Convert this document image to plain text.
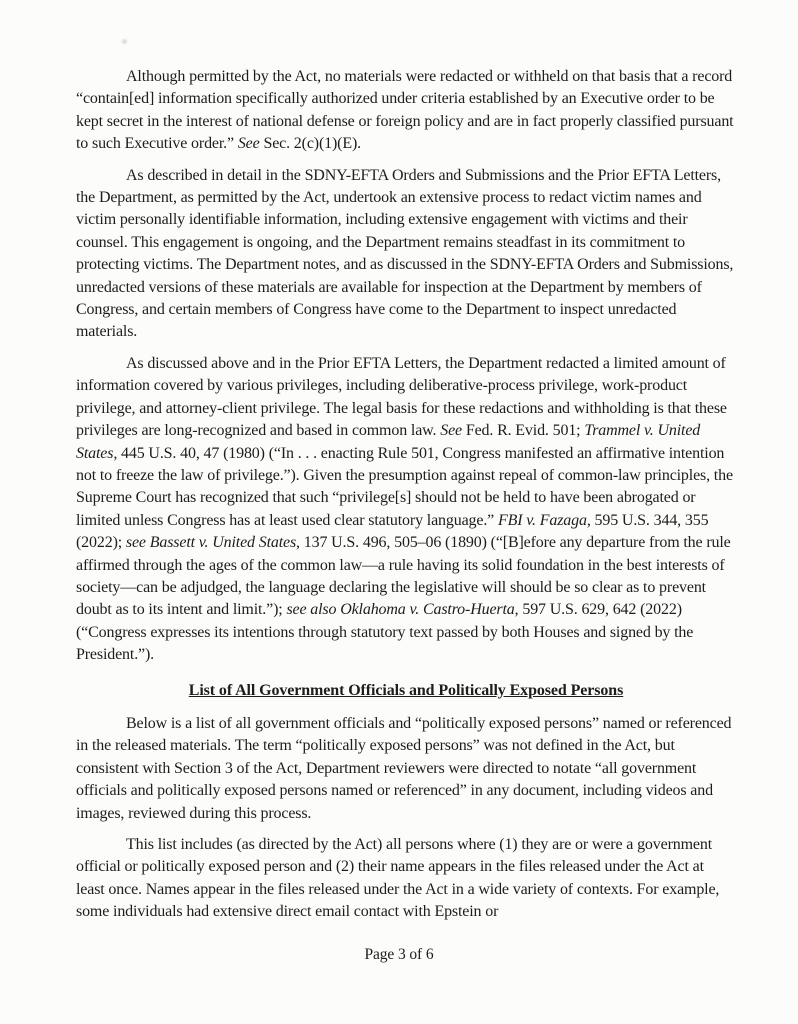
Although permitted by the Act, no materials were redacted or withheld on that basis that a record “contain[ed] information specifically authorized under criteria established by an Executive order to be kept secret in the interest of national defense or foreign policy and are in fact properly classified pursuant to such Executive order.” See Sec. 2(c)(1)(E).

As described in detail in the SDNY-EFTA Orders and Submissions and the Prior EFTA Letters, the Department, as permitted by the Act, undertook an extensive process to redact victim names and victim personally identifiable information, including extensive engagement with victims and their counsel. This engagement is ongoing, and the Department remains steadfast in its commitment to protecting victims. The Department notes, and as discussed in the SDNY-EFTA Orders and Submissions, unredacted versions of these materials are available for inspection at the Department by members of Congress, and certain members of Congress have come to the Department to inspect unredacted materials.

As discussed above and in the Prior EFTA Letters, the Department redacted a limited amount of information covered by various privileges, including deliberative-process privilege, work-product privilege, and attorney-client privilege. The legal basis for these redactions and withholding is that these privileges are long-recognized and based in common law. See Fed. R. Evid. 501; Trammel v. United States, 445 U.S. 40, 47 (1980) (“In . . . enacting Rule 501, Congress manifested an affirmative intention not to freeze the law of privilege.”). Given the presumption against repeal of common-law principles, the Supreme Court has recognized that such “privilege[s] should not be held to have been abrogated or limited unless Congress has at least used clear statutory language.” FBI v. Fazaga, 595 U.S. 344, 355 (2022); see Bassett v. United States, 137 U.S. 496, 505–06 (1890) (“[B]efore any departure from the rule affirmed through the ages of the common law—a rule having its solid foundation in the best interests of society—can be adjudged, the language declaring the legislative will should be so clear as to prevent doubt as to its intent and limit.”); see also Oklahoma v. Castro-Huerta, 597 U.S. 629, 642 (2022) (“Congress expresses its intentions through statutory text passed by both Houses and signed by the President.”).

List of All Government Officials and Politically Exposed Persons

Below is a list of all government officials and “politically exposed persons” named or referenced in the released materials. The term “politically exposed persons” was not defined in the Act, but consistent with Section 3 of the Act, Department reviewers were directed to notate “all government officials and politically exposed persons named or referenced” in any document, including videos and images, reviewed during this process.

This list includes (as directed by the Act) all persons where (1) they are or were a government official or politically exposed person and (2) their name appears in the files released under the Act at least once. Names appear in the files released under the Act in a wide variety of contexts. For example, some individuals had extensive direct email contact with Epstein or

Page 3 of 6
